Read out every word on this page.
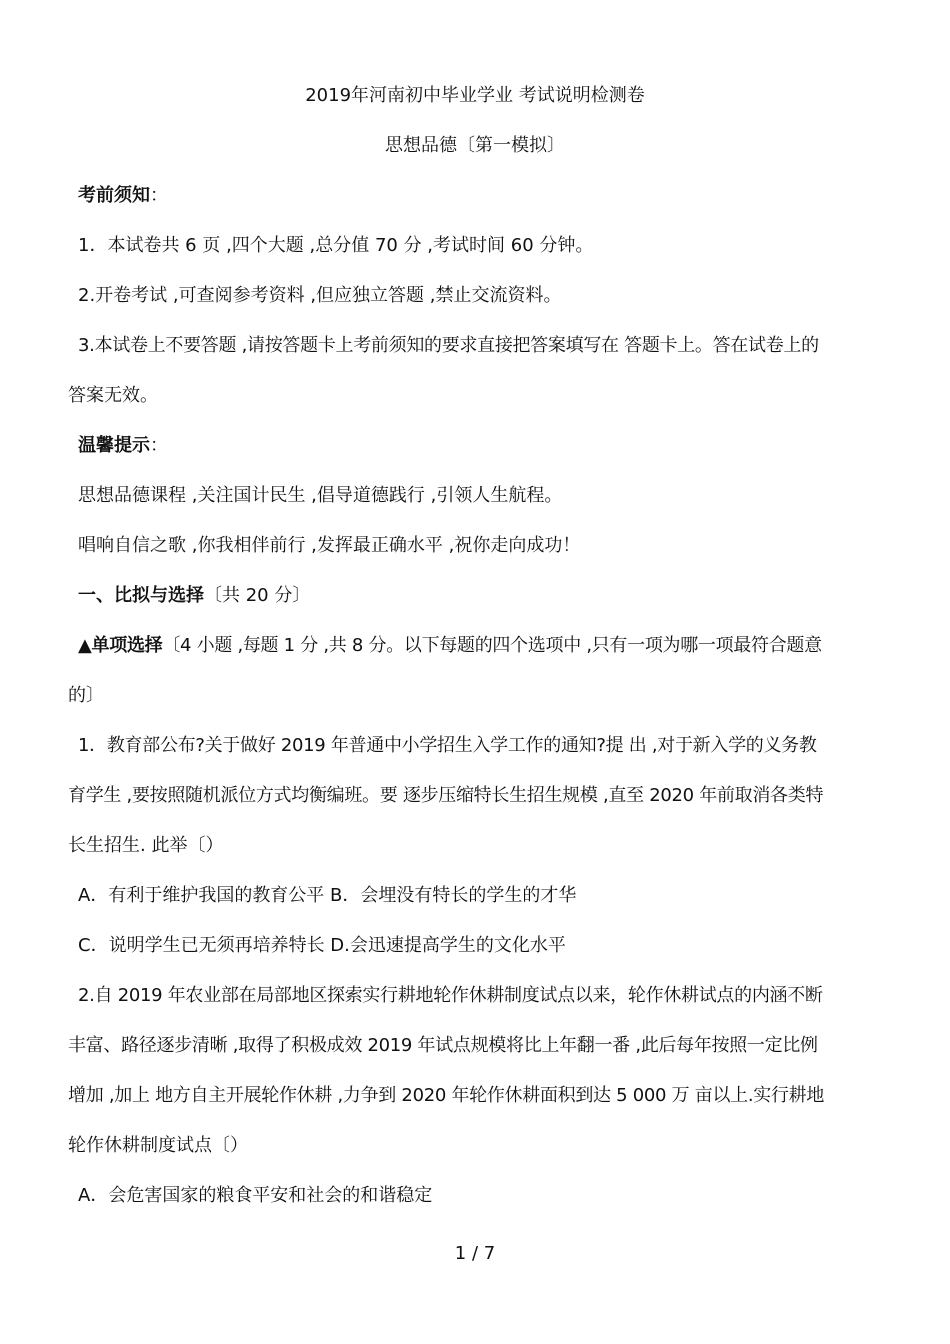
2019年河南初中毕业学业 考试说明检测卷
思想品德〔第一模拟〕
考前须知：
1．本试卷共 6 页 ,四个大题 ,总分值 70 分 ,考试时间 60 分钟。
2.开卷考试 ,可查阅参考资料 ,但应独立答题 ,禁止交流资料。
3.本试卷上不要答题 ,请按答题卡上考前须知的要求直接把答案填写在 答题卡上。答在试卷上的
答案无效。
温馨提示：
思想品德课程 ,关注国计民生 ,倡导道德践行 ,引领人生航程。
唱响自信之歌 ,你我相伴前行 ,发挥最正确水平 ,祝你走向成功！
一、比拟与选择〔共 20 分〕
▲单项选择〔4 小题 ,每题 1 分 ,共 8 分。以下每题的四个选项中 ,只有一项为哪一项最符合题意
的〕
1．教育部公布?关于做好 2019 年普通中小学招生入学工作的通知?提 出 ,对于新入学的义务教
育学生 ,要按照随机派位方式均衡编班。要 逐步压缩特长生招生规模 ,直至 2020 年前取消各类特
长生招生. 此举〔）
A．有利于维护我国的教育公平 B．会埋没有特长的学生的才华
C．说明学生已无须再培养特长 D.会迅速提高学生的文化水平
2.自 2019 年农业部在局部地区探索实行耕地轮作休耕制度试点以来，轮作休耕试点的内涵不断
丰富、路径逐步清晰 ,取得了积极成效 2019 年试点规模将比上年翻一番 ,此后每年按照一定比例
增加 ,加上 地方自主开展轮作休耕 ,力争到 2020 年轮作休耕面积到达 5 000 万 亩以上.实行耕地
轮作休耕制度试点〔）
A．会危害国家的粮食平安和社会的和谐稳定
1 / 7
